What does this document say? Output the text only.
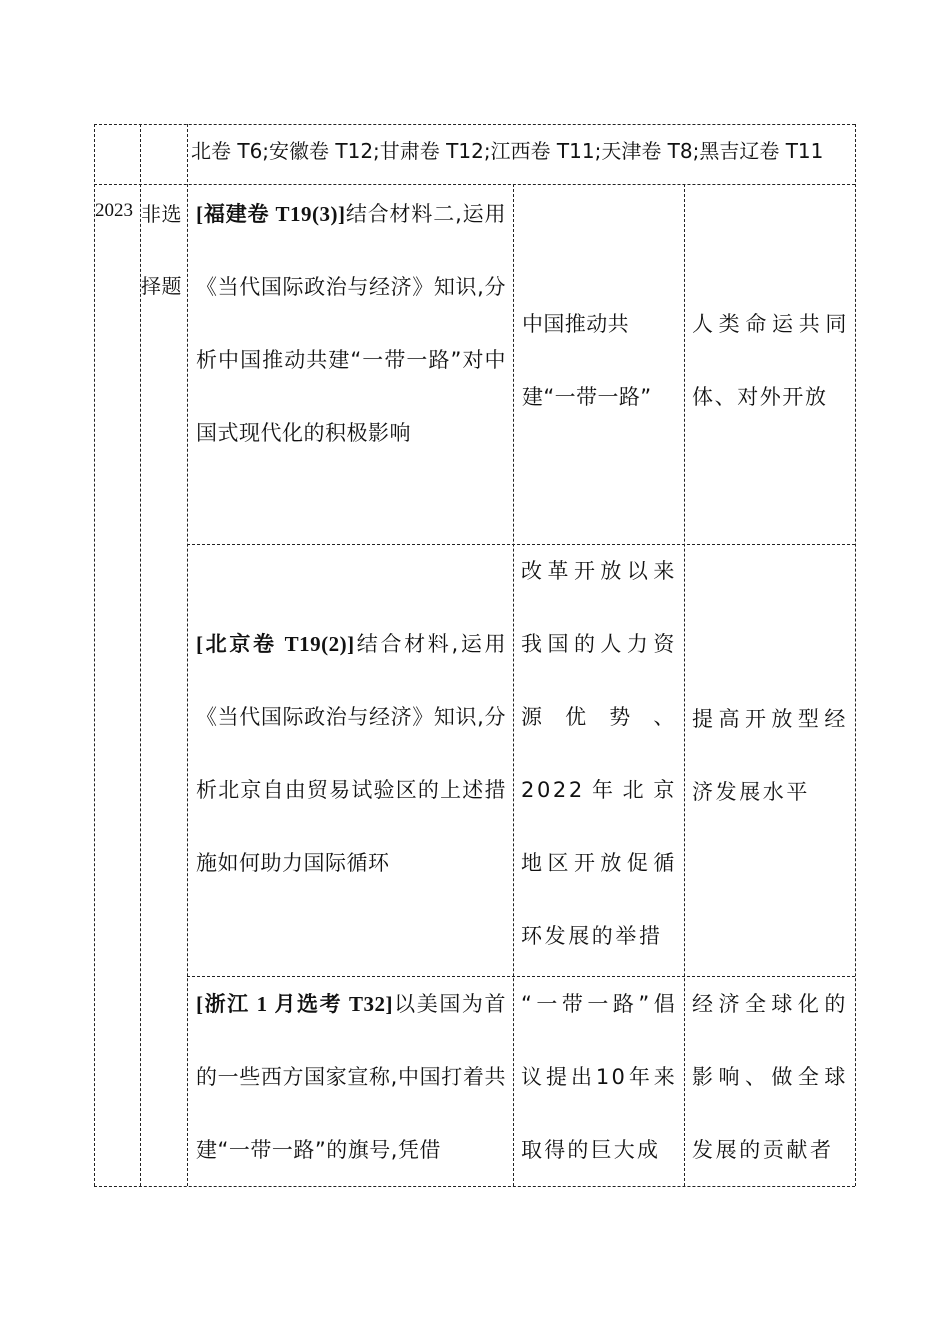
北卷 T6;安徽卷 T12;甘肃卷 T12;江西卷 T11;天津卷 T8;黑吉辽卷 T11
2023 非选择题
[福建卷 T19(3)]结合材料二,运用《当代国际政治与经济》知识,分析中国推动共建“一带一路”对中国式现代化的积极影响
中国推动共建“一带一路”
人类命运共同体、对外开放
[北京卷 T19(2)]结合材料,运用《当代国际政治与经济》知识,分析北京自由贸易试验区的上述措施如何助力国际循环
改革开放以来我国的人力资源优势、2022年北京地区开放促循环发展的举措
提高开放型经济发展水平
[浙江 1 月选考 T32]以美国为首的一些西方国家宣称,中国打着共建“一带一路”的旗号,凭借
“一带一路”倡议提出10年来取得的巨大成
经济全球化的影响、做全球发展的贡献者
